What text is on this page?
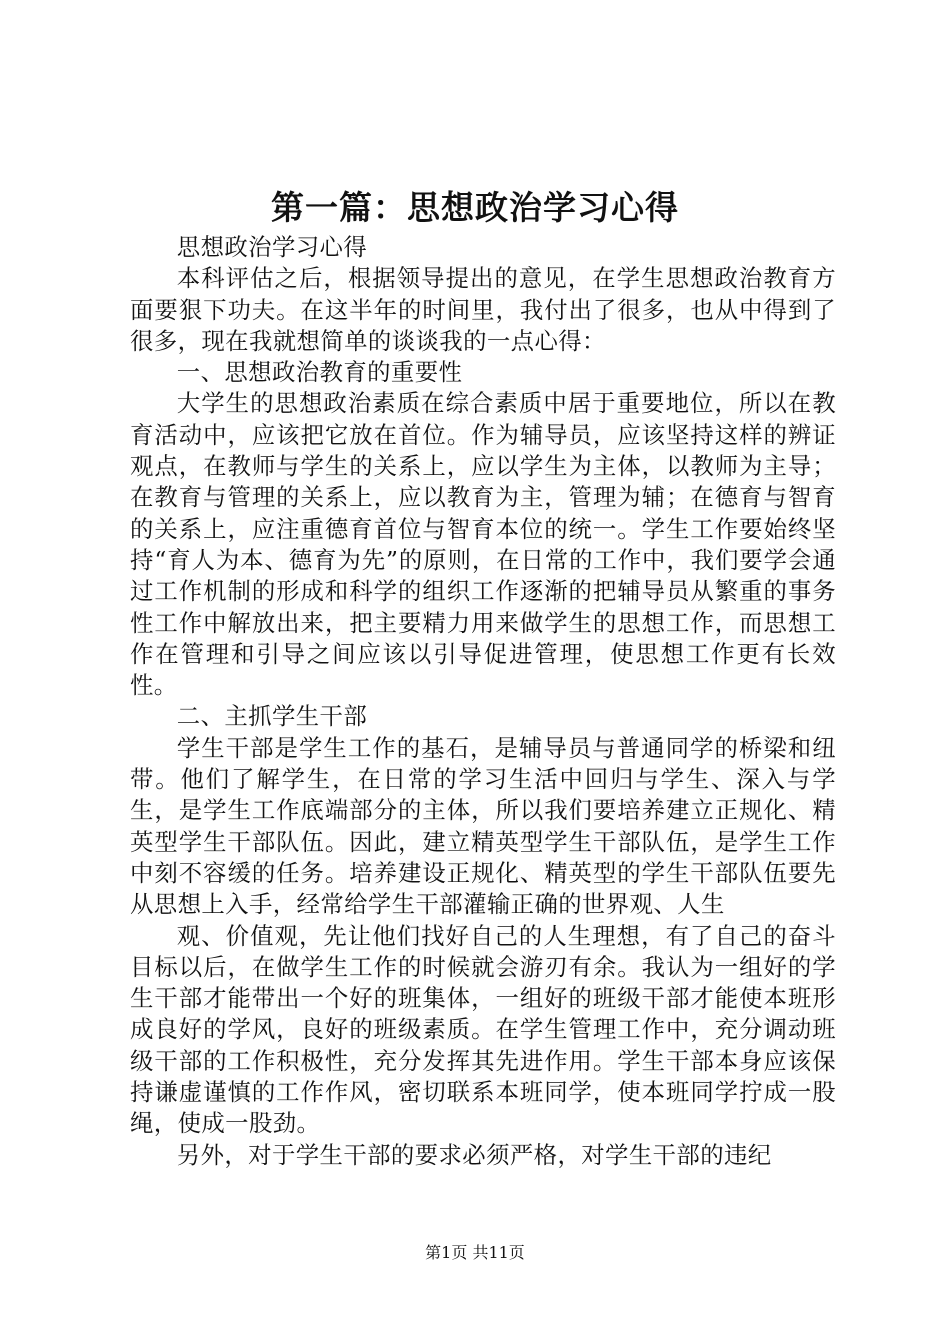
第一篇：思想政治学习心得

思想政治学习心得

本科评估之后，根据领导提出的意见，在学生思想政治教育方面要狠下功夫。在这半年的时间里，我付出了很多，也从中得到了很多，现在我就想简单的谈谈我的一点心得：

一、思想政治教育的重要性

大学生的思想政治素质在综合素质中居于重要地位，所以在教育活动中，应该把它放在首位。作为辅导员，应该坚持这样的辨证观点，在教师与学生的关系上，应以学生为主体，以教师为主导；在教育与管理的关系上，应以教育为主，管理为辅；在德育与智育的关系上，应注重德育首位与智育本位的统一。学生工作要始终坚持“育人为本、德育为先”的原则，在日常的工作中，我们要学会通过工作机制的形成和科学的组织工作逐渐的把辅导员从繁重的事务性工作中解放出来，把主要精力用来做学生的思想工作，而思想工作在管理和引导之间应该以引导促进管理，使思想工作更有长效性。

二、主抓学生干部

学生干部是学生工作的基石，是辅导员与普通同学的桥梁和纽带。他们了解学生，在日常的学习生活中回归与学生、深入与学生，是学生工作底端部分的主体，所以我们要培养建立正规化、精英型学生干部队伍。因此，建立精英型学生干部队伍，是学生工作中刻不容缓的任务。培养建设正规化、精英型的学生干部队伍要先从思想上入手，经常给学生干部灌输正确的世界观、人生

观、价值观，先让他们找好自己的人生理想，有了自己的奋斗目标以后，在做学生工作的时候就会游刃有余。我认为一组好的学生干部才能带出一个好的班集体，一组好的班级干部才能使本班形成良好的学风，良好的班级素质。在学生管理工作中，充分调动班级干部的工作积极性，充分发挥其先进作用。学生干部本身应该保持谦虚谨慎的工作作风，密切联系本班同学，使本班同学拧成一股绳，使成一股劲。

另外，对于学生干部的要求必须严格，对学生干部的违纪

第1页 共11页
